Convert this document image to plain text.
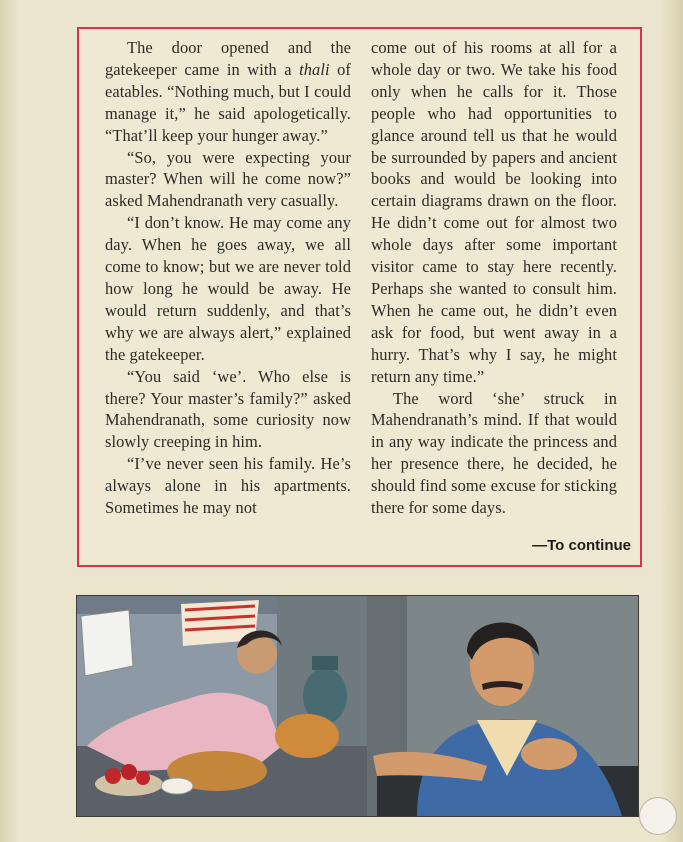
The door opened and the gatekeeper came in with a thali of eatables. “Nothing much, but I could manage it,” he said apologetically. “That’ll keep your hunger away.”

“So, you were expecting your master? When will he come now?” asked Mahendranath very casually.

“I don’t know. He may come any day. When he goes away, we all come to know; but we are never told how long he would be away. He would return suddenly, and that’s why we are always alert,” explained the gatekeeper.

“You said ‘we’. Who else is there? Your master’s family?” asked Mahendranath, some curiosity now slowly creeping in him.

“I’ve never seen his family. He’s always alone in his apartments. Sometimes he may not

come out of his rooms at all for a whole day or two. We take his food only when he calls for it. Those people who had opportunities to glance around tell us that he would be surrounded by papers and ancient books and would be looking into certain diagrams drawn on the floor. He didn’t come out for almost two whole days after some important visitor came to stay here recently. Perhaps she wanted to consult him. When he came out, he didn’t even ask for food, but went away in a hurry. That’s why I say, he might return any time.”

The word ‘she’ struck in Mahendranath’s mind. If that would in any way indicate the princess and her presence there, he decided, he should find some excuse for sticking there for some days.

—To continue
